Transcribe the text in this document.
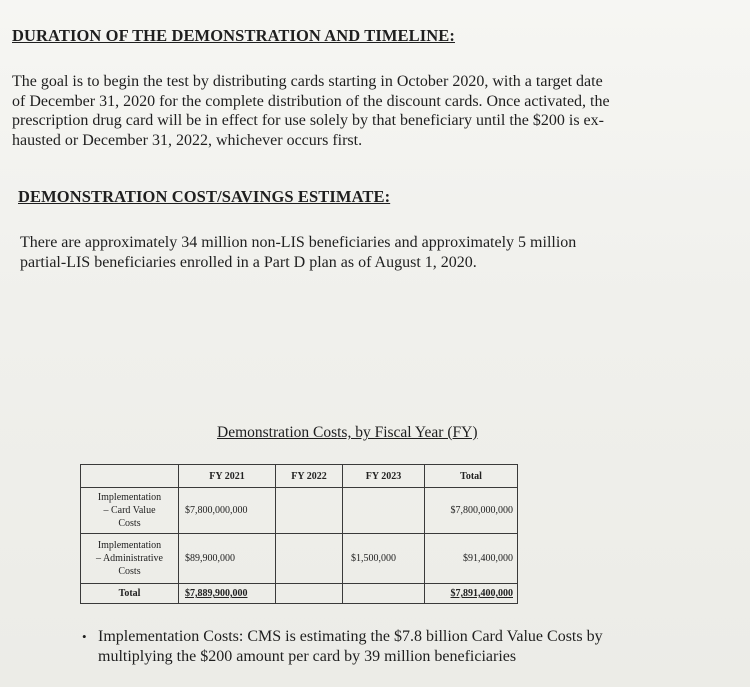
DURATION OF THE DEMONSTRATION AND TIMELINE:

The goal is to begin the test by distributing cards starting in October 2020, with a target date
of December 31, 2020 for the complete distribution of the discount cards. Once activated, the
prescription drug card will be in effect for use solely by that beneficiary until the $200 is ex-
hausted or December 31, 2022, whichever occurs first.

DEMONSTRATION COST/SAVINGS ESTIMATE:

There are approximately 34 million non-LIS beneficiaries and approximately 5 million
partial-LIS beneficiaries enrolled in a Part D plan as of August 1, 2020.

Demonstration Costs, by Fiscal Year (FY)
	FY 2021	FY 2022	FY 2023	Total

Implementation
– Card Value
Costs	$7,800,000,000			$7,800,000,000

Implementation
– Administrative
Costs	$89,900,000		$1,500,000	$91,400,000

Total	$7,889,900,000			$7,891,400,000
• Implementation Costs: CMS is estimating the $7.8 billion Card Value Costs by
multiplying the $200 amount per card by 39 million beneficiaries
